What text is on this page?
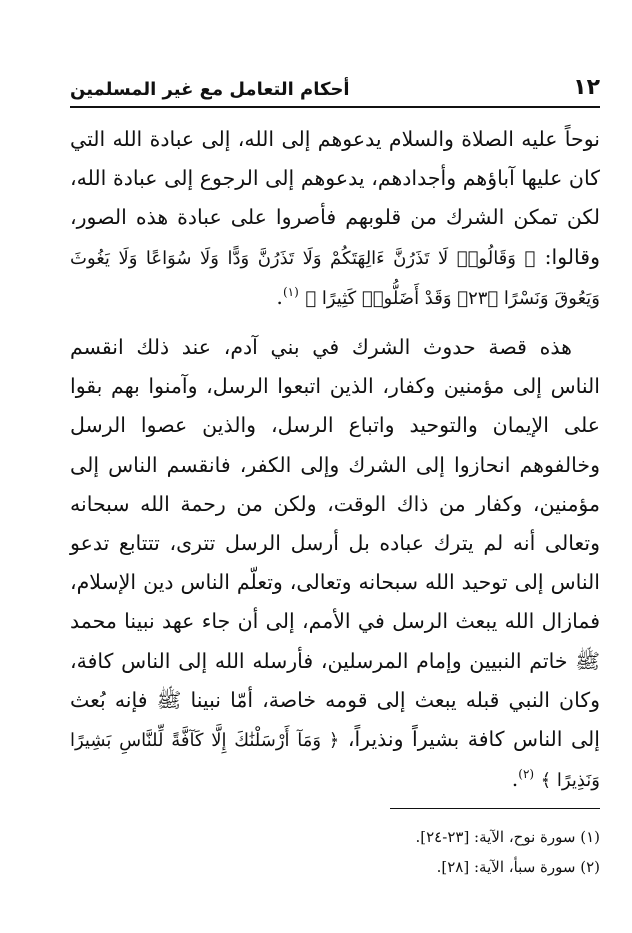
١٢
أحكام التعامل مع غير المسلمين

نوحاً عليه الصلاة والسلام يدعوهم إلى الله، إلى عبادة الله التي كان عليها آباؤهم وأجدادهم، يدعوهم إلى الرجوع إلى عبادة الله، لكن تمكن الشرك من قلوبهم فأصروا على عبادة هذه الصور، وقالوا: ﴿ وَقَالُوا۟ لَا تَذَرُنَّ ءَالِهَتَكُمْ وَلَا تَذَرُنَّ وَدًّا وَلَا سُوَاعًا وَلَا يَغُوثَ وَيَعُوقَ وَنَسْرًا ﴿٢٣﴾ وَقَدْ أَضَلُّوا۟ كَثِيرًا ﴾ $^{(١)}$.

هذه قصة حدوث الشرك في بني آدم، عند ذلك انقسم الناس إلى مؤمنين وكفار، الذين اتبعوا الرسل، وآمنوا بهم بقوا على الإيمان والتوحيد واتباع الرسل، والذين عصوا الرسل وخالفوهم انحازوا إلى الشرك وإلى الكفر، فانقسم الناس إلى مؤمنين، وكفار من ذاك الوقت، ولكن من رحمة الله سبحانه وتعالى أنه لم يترك عباده بل أرسل الرسل تترى، تتتابع تدعو الناس إلى توحيد الله سبحانه وتعالى، وتعلّم الناس دين الإسلام، فمازال الله يبعث الرسل في الأمم، إلى أن جاء عهد نبينا محمد ﷺ خاتم النبيين وإمام المرسلين، فأرسله الله إلى الناس كافة، وكان النبي قبله يبعث إلى قومه خاصة، أمّا نبينا ﷺ فإنه بُعث إلى الناس كافة بشيراً ونذيراً، ﴿ وَمَآ أَرْسَلْنَٰكَ إِلَّا كَآفَّةً لِّلنَّاسِ بَشِيرًا وَنَذِيرًا ﴾ $^{(٢)}$.

(١) سورة نوح، الآية: [٢٣-٢٤].
(٢) سورة سبأ، الآية: [٢٨].
